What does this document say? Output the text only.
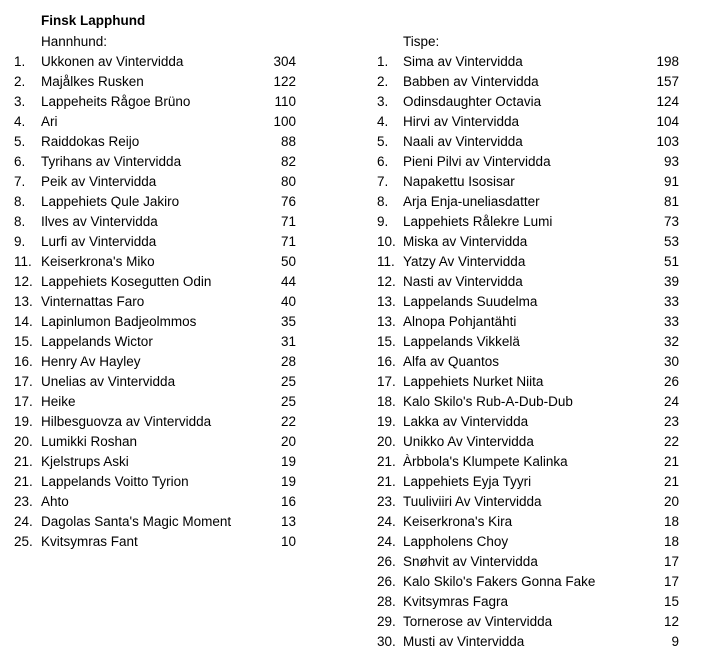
Finsk Lapphund
Hannhund:	Tispe:
1. Ukkonen av Vintervidda	304
2. Majålkes Rusken	122
3. Lappeheits Rågoe Brüno	110
4. Ari	100
5. Raiddokas Reijo	88
6. Tyrihans av Vintervidda	82
7. Peik av Vintervidda	80
8. Lappehiets Qule Jakiro	76
8. Ilves av Vintervidda	71
9. Lurfi av Vintervidda	71
11. Keiserkrona's Miko	50
12. Lappehiets Kosegutten Odin	44
13. Vinternattas Faro	40
14. Lapinlumon Badjeolmmos	35
15. Lappelands Wictor	31
16. Henry Av Hayley	28
17. Unelias av Vintervidda	25
17. Heike	25
19. Hilbesguovza av Vintervidda	22
20. Lumikki Roshan	20
21. Kjelstrups Aski	19
21. Lappelands Voitto Tyrion	19
23. Ahto	16
24. Dagolas Santa's Magic Moment	13
25. Kvitsymras Fant	10
1. Sima av Vintervidda	198
2. Babben av Vintervidda	157
3. Odinsdaughter Octavia	124
4. Hirvi av Vintervidda	104
5. Naali av Vintervidda	103
6. Pieni Pilvi av Vintervidda	93
7. Napakettu Isosisar	91
8. Arja Enja-uneliasdatter	81
9. Lappehiets Rålekre Lumi	73
10. Miska av Vintervidda	53
11. Yatzy Av Vintervidda	51
12. Nasti av Vintervidda	39
13. Lappelands Suudelma	33
13. Alnopa Pohjantähti	33
15. Lappelands Vikkelä	32
16. Alfa av Quantos	30
17. Lappehiets Nurket Niita	26
18. Kalo Skilo's Rub-A-Dub-Dub	24
19. Lakka av Vintervidda	23
20. Unikko Av Vintervidda	22
21. Àrbbola's Klumpete Kalinka	21
21. Lappehiets Eyja Tyyri	21
23. Tuuliviiri Av Vintervidda	20
24. Keiserkrona's Kira	18
24. Lappholens Choy	18
26. Snøhvit av Vintervidda	17
26. Kalo Skilo's Fakers Gonna Fake	17
28. Kvitsymras Fagra	15
29. Tornerose av Vintervidda	12
30. Musti av Vintervidda	9
